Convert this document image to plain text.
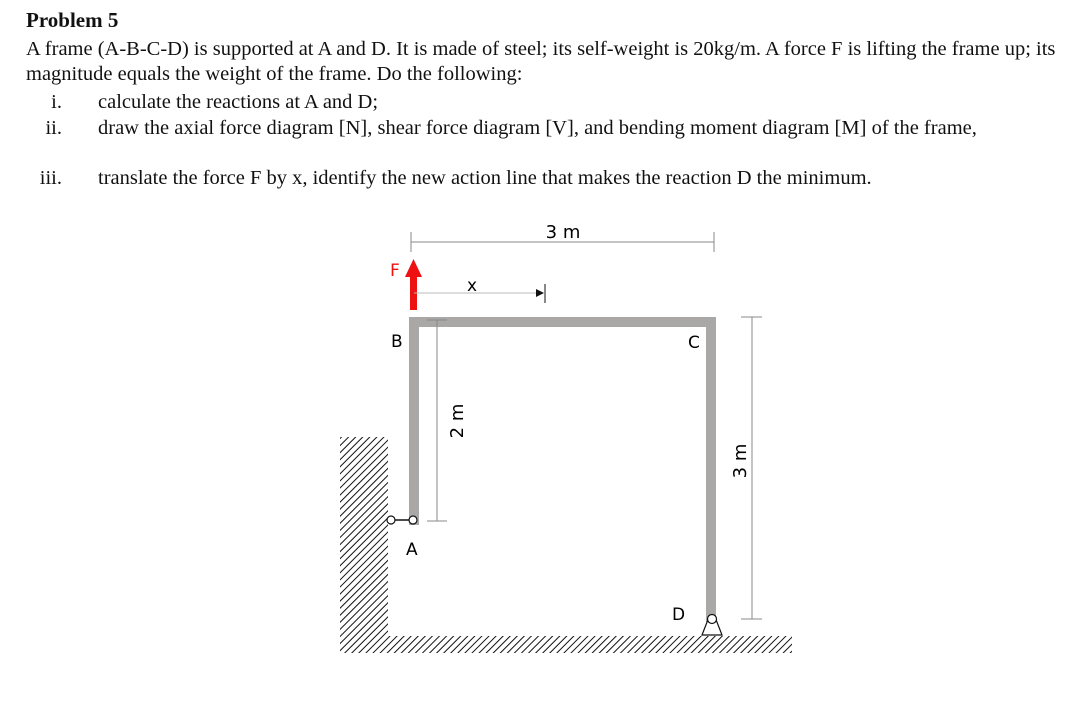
Problem 5
A frame (A-B-C-D) is supported at A and D. It is made of steel; its self-weight is 20kg/m. A force F is lifting the frame up; its magnitude equals the weight of the frame. Do the following:
i. calculate the reactions at A and D;
ii. draw the axial force diagram [N], shear force diagram [V], and bending moment diagram [M] of the frame,
iii. translate the force F by x, identify the new action line that makes the reaction D the minimum.
F
x
3 m
2 m
3 m
B	C
A
D
